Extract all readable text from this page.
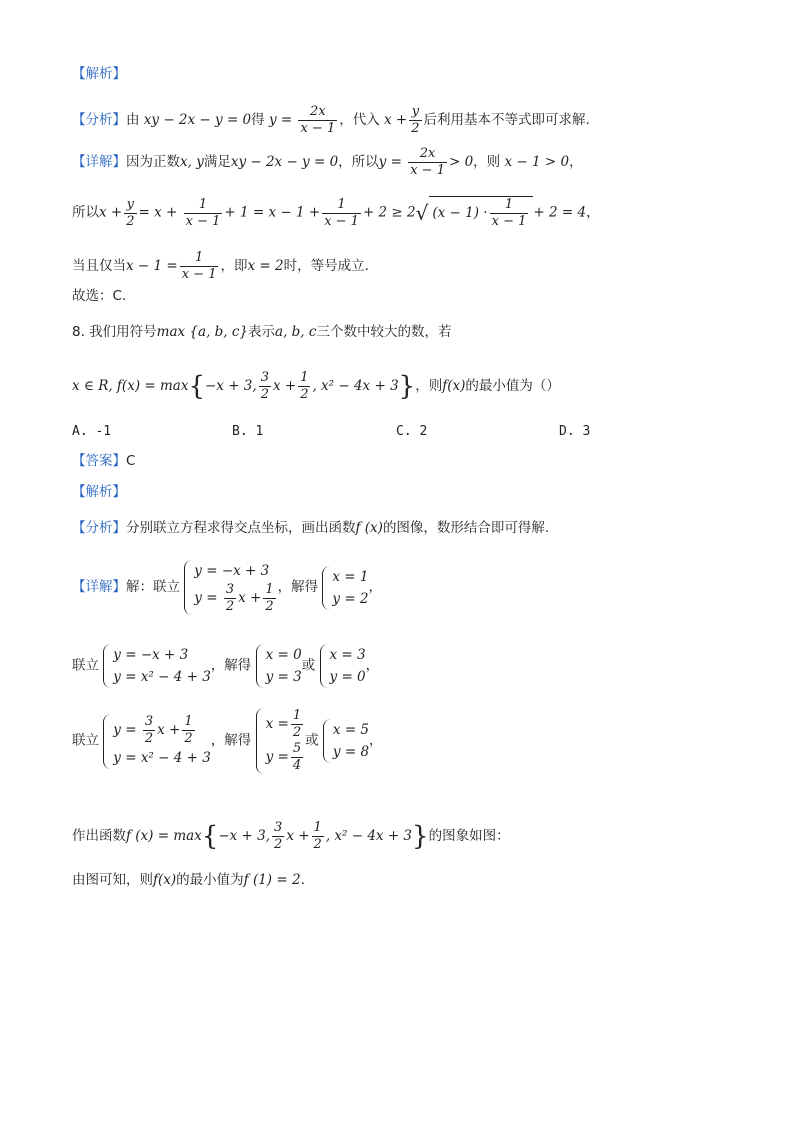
【解析】
【分析】由 xy − 2x − y = 0得 $y = \frac{2x}{x - 1}$ ，代入 $x + \frac{y}{2}$ 后利用基本不等式即可求解.
【详解】因为正数x, y满足xy − 2x − y = 0，所以$y = \frac{2x}{x - 1} > 0$，则 x − 1 > 0，
所以$x + \frac{y}{2} = x + \frac{1}{x - 1} + 1 = x - 1 + \frac{1}{x - 1} + 2 \ge 2√$ $(x - 1) \cdot \frac{1}{x - 1} + 2 = 4$，
当且仅当$x - 1 = \frac{1}{x - 1}$ ，即x = 2时，等号成立.
故选：C.
8. 我们用符号max {a, b, c}表示a, b, c三个数中较大的数，若
x ∈ R, f(x) = max{−x + 3, $\frac{3}{2}$ $x + \frac{1}{2}$ , x² − 4x + 3}，则f(x)的最小值为（）
A. -1	B. 1	C. 2	D. 3
【答案】C
【解析】
【分析】分别联立方程求得交点坐标，画出函数f (x)的图像，数形结合即可得解.
【详解】解：联立
y = −x + 3
$y = \frac{3}{2}$ $x + \frac{1}{2}$ ，解得
x = 1
y = 2
，
联立
y = −x + 3
y = x² − 4 + 3
，解得
x = 0
y = 3
或
x = 3
y = 0
，
联立
$y = \frac{3}{2}$ $x + \frac{1}{2}$
y = x² − 4 + 3
，解得
$x = \frac{1}{2}$
$y = \frac{5}{4}$
或
x = 5
y = 8
，
作出函数f (x) = max{−x + 3, $\frac{3}{2}$ $x + \frac{1}{2}$ , x² − 4x + 3}的图象如图：
由图可知，则f(x)的最小值为f (1) = 2.
